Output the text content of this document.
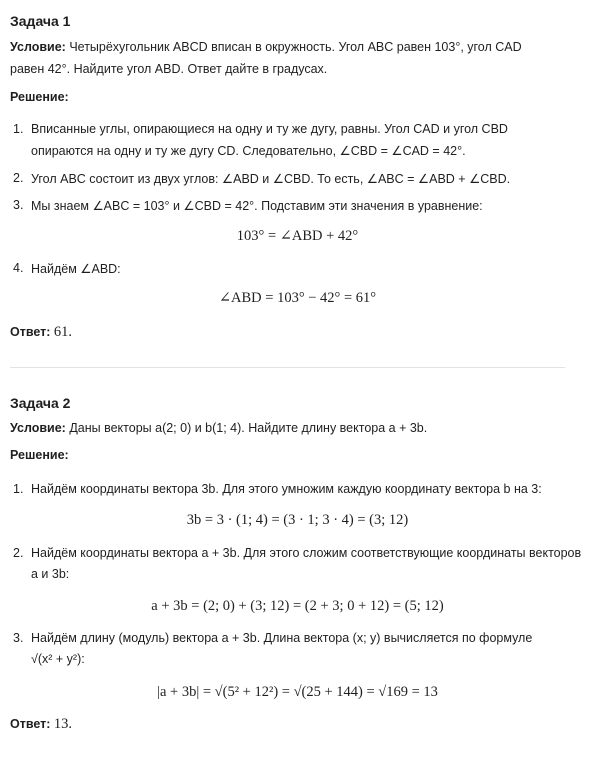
Задача 1
Условие: Четырёхугольник ABCD вписан в окружность. Угол ABC равен 103°, угол CAD
равен 42°. Найдите угол ABD. Ответ дайте в градусах.
Решение:
1. Вписанные углы, опирающиеся на одну и ту же дугу, равны. Угол CAD и угол CBD
опираются на одну и ту же дугу CD. Следовательно, ∠CBD = ∠CAD = 42°.
2. Угол ABC состоит из двух углов: ∠ABD и ∠CBD. То есть, ∠ABC = ∠ABD + ∠CBD.
3. Мы знаем ∠ABC = 103° и ∠CBD = 42°. Подставим эти значения в уравнение:
103° = ∠ABD + 42°
4. Найдём ∠ABD:
∠ABD = 103° − 42° = 61°
Ответ: 61.
Задача 2
Условие: Даны векторы a(2; 0) и b(1; 4). Найдите длину вектора a + 3b.
Решение:
1. Найдём координаты вектора 3b. Для этого умножим каждую координату вектора b на 3:
3b = 3 · (1; 4) = (3 · 1; 3 · 4) = (3; 12)
2. Найдём координаты вектора a + 3b. Для этого сложим соответствующие координаты векторов
a и 3b:
a + 3b = (2; 0) + (3; 12) = (2 + 3; 0 + 12) = (5; 12)
3. Найдём длину (модуль) вектора a + 3b. Длина вектора (x; y) вычисляется по формуле
√(x² + y²):
|a + 3b| = √(5² + 12²) = √(25 + 144) = √169 = 13
Ответ: 13.
